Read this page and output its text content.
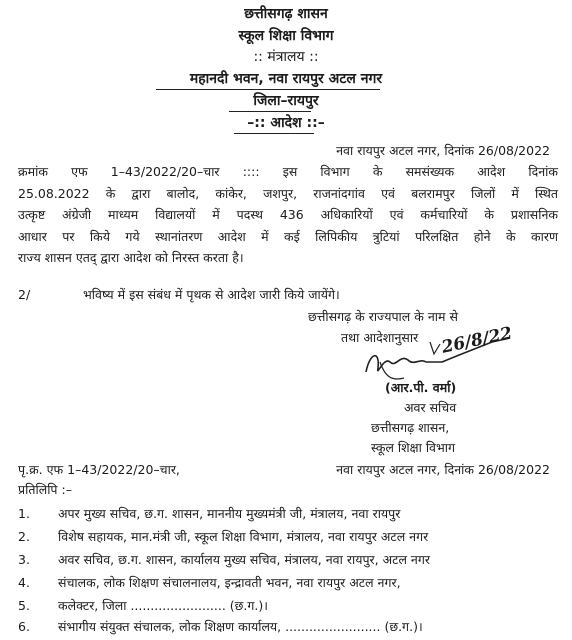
छत्तीसगढ़ शासन
स्कूल शिक्षा विभाग
:: मंत्रालय ::
महानदी भवन, नवा रायपुर अटल नगर
जिला–रायपुर
–:: आदेश ::–
नवा रायपुर अटल नगर, दिनांक 26/08/2022
क्रमांक एफ 1–43/2022/20–चार :::: इस विभाग के समसंख्यक आदेश दिनांक
25.08.2022 के द्वारा बालोद, कांकेर, जशपुर, राजनांदगांव एवं बलरामपुर जिलों में स्थित
उत्कृष्ट अंग्रेजी माध्यम विद्यालयों में पदस्थ 436 अधिकारियों एवं कर्मचारियों के प्रशासनिक
आधार पर किये गये स्थानांतरण आदेश में कई लिपिकीय त्रुटियां परिलक्षित होने के कारण
राज्य शासन एतद् द्वारा आदेश को निरस्त करता है।
2/	भविष्य में इस संबंध में पृथक से आदेश जारी किये जायेंगे।
छत्तीसगढ़ के राज्यपाल के नाम से
तथा आदेशानुसार 26/8/22
(आर.पी. वर्मा)
अवर सचिव
छत्तीसगढ़ शासन,
स्कूल शिक्षा विभाग
पृ.क्र. एफ 1–43/2022/20–चार,	नवा रायपुर अटल नगर, दिनांक 26/08/2022
प्रतिलिपि :–
1. अपर मुख्य सचिव, छ.ग. शासन, माननीय मुख्यमंत्री जी, मंत्रालय, नवा रायपुर
2. विशेष सहायक, मान.मंत्री जी, स्कूल शिक्षा विभाग, मंत्रालय, नवा रायपुर अटल नगर
3. अवर सचिव, छ.ग. शासन, कार्यालय मुख्य सचिव, मंत्रालय, नवा रायपुर, अटल नगर
4. संचालक, लोक शिक्षण संचालनालय, इन्द्रावती भवन, नवा रायपुर अटल नगर,
5. कलेक्टर, जिला ........................ (छ.ग.)।
6. संभागीय संयुक्त संचालक, लोक शिक्षण कार्यालय, ........................ (छ.ग.)।
